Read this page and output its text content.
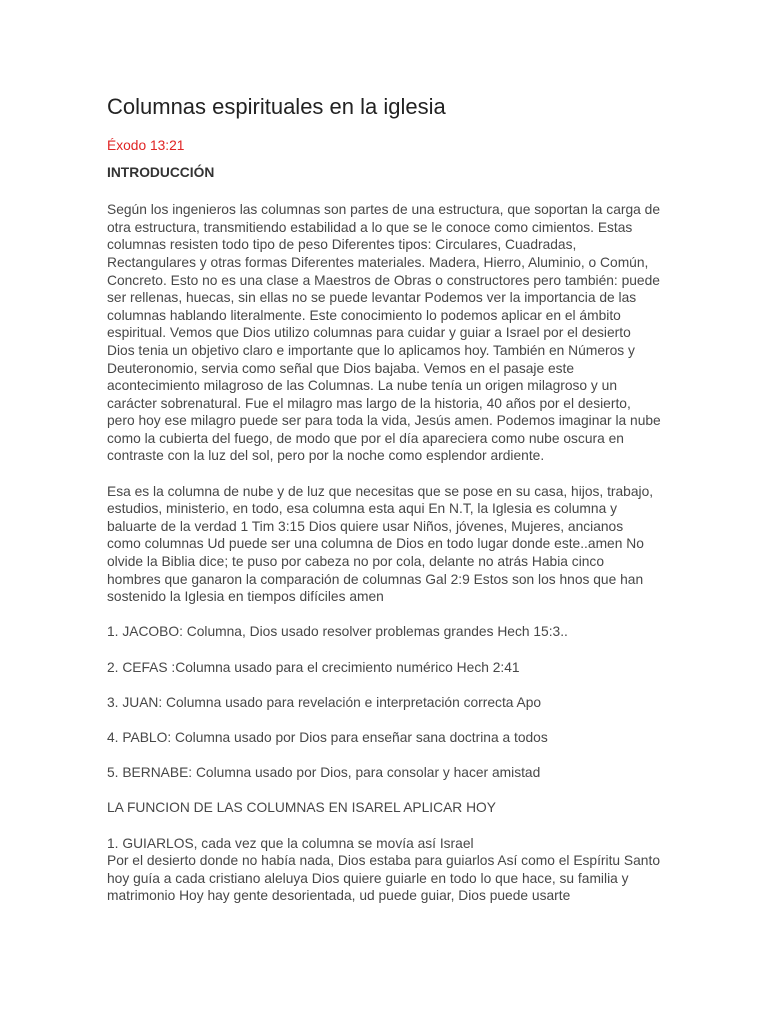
Columnas espirituales en la iglesia
Éxodo 13:21
INTRODUCCIÓN
Según los ingenieros las columnas son partes de una estructura, que soportan la carga de
otra estructura, transmitiendo estabilidad a lo que se le conoce como cimientos. Estas
columnas resisten todo tipo de peso Diferentes tipos: Circulares, Cuadradas,
Rectangulares y otras formas Diferentes materiales. Madera, Hierro, Aluminio, o Común,
Concreto. Esto no es una clase a Maestros de Obras o constructores pero también: puede
ser rellenas, huecas, sin ellas no se puede levantar Podemos ver la importancia de las
columnas hablando literalmente. Este conocimiento lo podemos aplicar en el ámbito
espiritual. Vemos que Dios utilizo columnas para cuidar y guiar a Israel por el desierto
Dios tenia un objetivo claro e importante que lo aplicamos hoy. También en Números y
Deuteronomio, servia como señal que Dios bajaba. Vemos en el pasaje este
acontecimiento milagroso de las Columnas. La nube tenía un origen milagroso y un
carácter sobrenatural. Fue el milagro mas largo de la historia, 40 años por el desierto,
pero hoy ese milagro puede ser para toda la vida, Jesús amen. Podemos imaginar la nube
como la cubierta del fuego, de modo que por el día apareciera como nube oscura en
contraste con la luz del sol, pero por la noche como esplendor ardiente.
Esa es la columna de nube y de luz que necesitas que se pose en su casa, hijos, trabajo,
estudios, ministerio, en todo, esa columna esta aqui En N.T, la Iglesia es columna y
baluarte de la verdad 1 Tim 3:15 Dios quiere usar Niños, jóvenes, Mujeres, ancianos
como columnas Ud puede ser una columna de Dios en todo lugar donde este..amen No
olvide la Biblia dice; te puso por cabeza no por cola, delante no atrás Habia cinco
hombres que ganaron la comparación de columnas Gal 2:9 Estos son los hnos que han
sostenido la Iglesia en tiempos difíciles amen
1. JACOBO: Columna, Dios usado resolver problemas grandes Hech 15:3..
2. CEFAS :Columna usado para el crecimiento numérico Hech 2:41
3. JUAN: Columna usado para revelación e interpretación correcta Apo
4. PABLO: Columna usado por Dios para enseñar sana doctrina a todos
5. BERNABE: Columna usado por Dios, para consolar y hacer amistad
LA FUNCION DE LAS COLUMNAS EN ISAREL APLICAR HOY
1. GUIARLOS, cada vez que la columna se movía así Israel
Por el desierto donde no había nada, Dios estaba para guiarlos Así como el Espíritu Santo
hoy guía a cada cristiano aleluya Dios quiere guiarle en todo lo que hace, su familia y
matrimonio Hoy hay gente desorientada, ud puede guiar, Dios puede usarte
